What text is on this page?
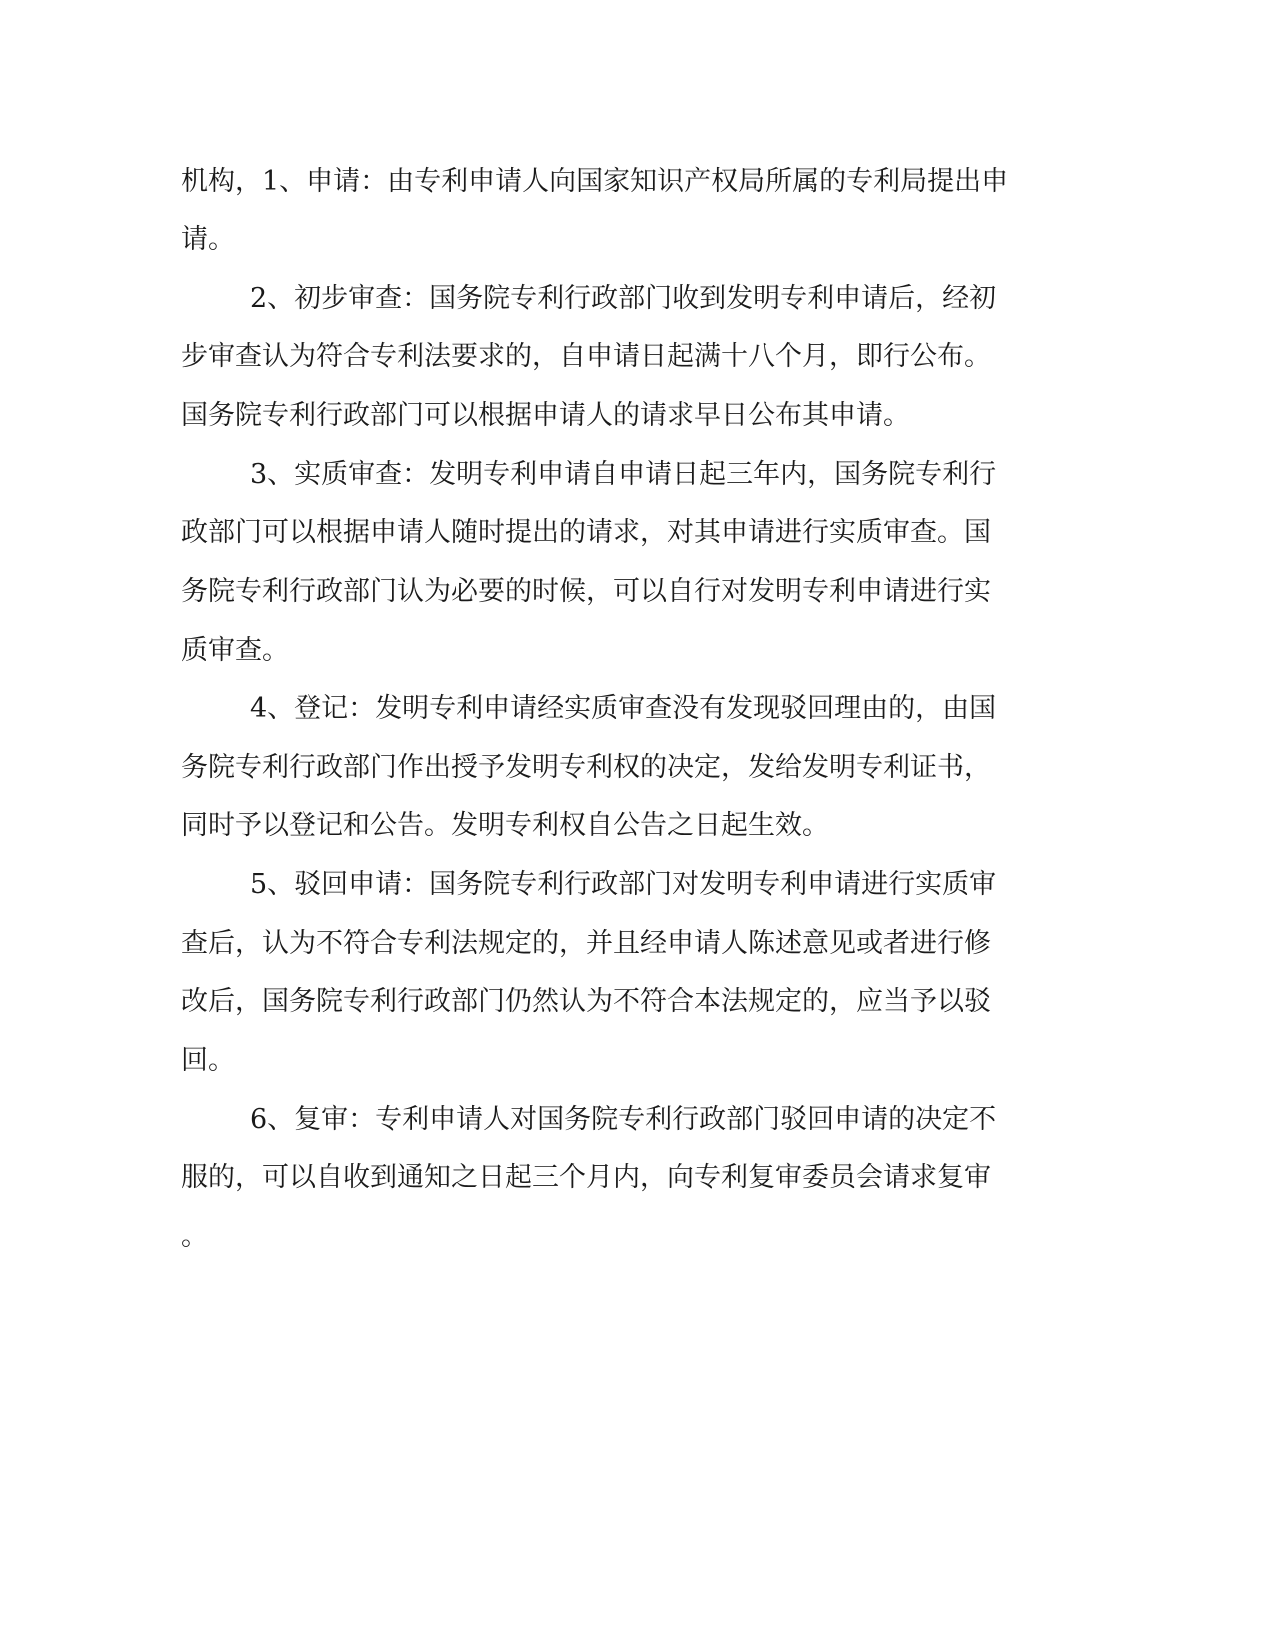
机构，1、申请：由专利申请人向国家知识产权局所属的专利局提出申
请。
2、初步审查：国务院专利行政部门收到发明专利申请后，经初
步审查认为符合专利法要求的，自申请日起满十八个月，即行公布。
国务院专利行政部门可以根据申请人的请求早日公布其申请。
3、实质审查：发明专利申请自申请日起三年内，国务院专利行
政部门可以根据申请人随时提出的请求，对其申请进行实质审查。国
务院专利行政部门认为必要的时候，可以自行对发明专利申请进行实
质审查。
4、登记：发明专利申请经实质审查没有发现驳回理由的，由国
务院专利行政部门作出授予发明专利权的决定，发给发明专利证书，
同时予以登记和公告。发明专利权自公告之日起生效。
5、驳回申请：国务院专利行政部门对发明专利申请进行实质审
查后，认为不符合专利法规定的，并且经申请人陈述意见或者进行修
改后，国务院专利行政部门仍然认为不符合本法规定的，应当予以驳
回。
6、复审：专利申请人对国务院专利行政部门驳回申请的决定不
服的，可以自收到通知之日起三个月内，向专利复审委员会请求复审
。
